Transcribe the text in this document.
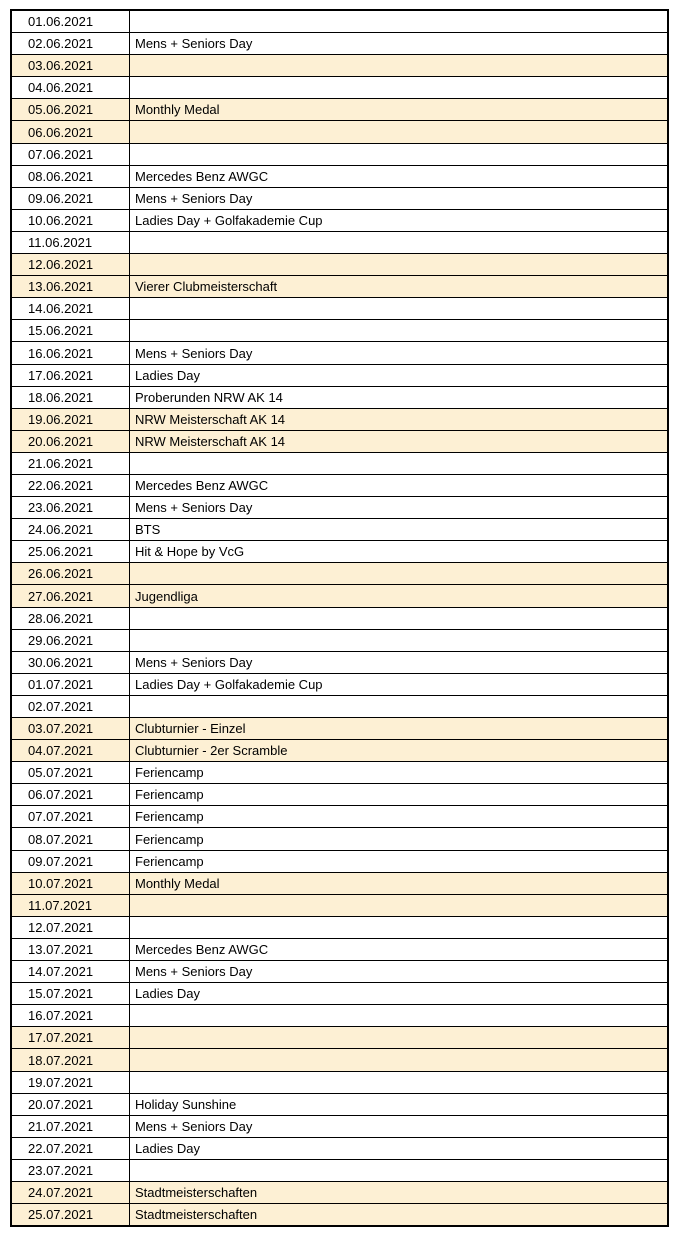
01.06.2021	
02.06.2021	Mens + Seniors Day
03.06.2021	
04.06.2021	
05.06.2021	Monthly Medal
06.06.2021	
07.06.2021	
08.06.2021	Mercedes Benz AWGC
09.06.2021	Mens + Seniors Day
10.06.2021	Ladies Day + Golfakademie Cup
11.06.2021	
12.06.2021	
13.06.2021	Vierer Clubmeisterschaft
14.06.2021	
15.06.2021	
16.06.2021	Mens + Seniors Day
17.06.2021	Ladies Day
18.06.2021	Proberunden NRW AK 14
19.06.2021	NRW Meisterschaft AK 14
20.06.2021	NRW Meisterschaft AK 14
21.06.2021	
22.06.2021	Mercedes Benz AWGC
23.06.2021	Mens + Seniors Day
24.06.2021	BTS
25.06.2021	Hit & Hope by VcG
26.06.2021	
27.06.2021	Jugendliga
28.06.2021	
29.06.2021	
30.06.2021	Mens + Seniors Day
01.07.2021	Ladies Day + Golfakademie Cup
02.07.2021	
03.07.2021	Clubturnier - Einzel
04.07.2021	Clubturnier - 2er Scramble
05.07.2021	Feriencamp
06.07.2021	Feriencamp
07.07.2021	Feriencamp
08.07.2021	Feriencamp
09.07.2021	Feriencamp
10.07.2021	Monthly Medal
11.07.2021	
12.07.2021	
13.07.2021	Mercedes Benz AWGC
14.07.2021	Mens + Seniors Day
15.07.2021	Ladies Day
16.07.2021	
17.07.2021	
18.07.2021	
19.07.2021	
20.07.2021	Holiday Sunshine
21.07.2021	Mens + Seniors Day
22.07.2021	Ladies Day
23.07.2021	
24.07.2021	Stadtmeisterschaften
25.07.2021	Stadtmeisterschaften
